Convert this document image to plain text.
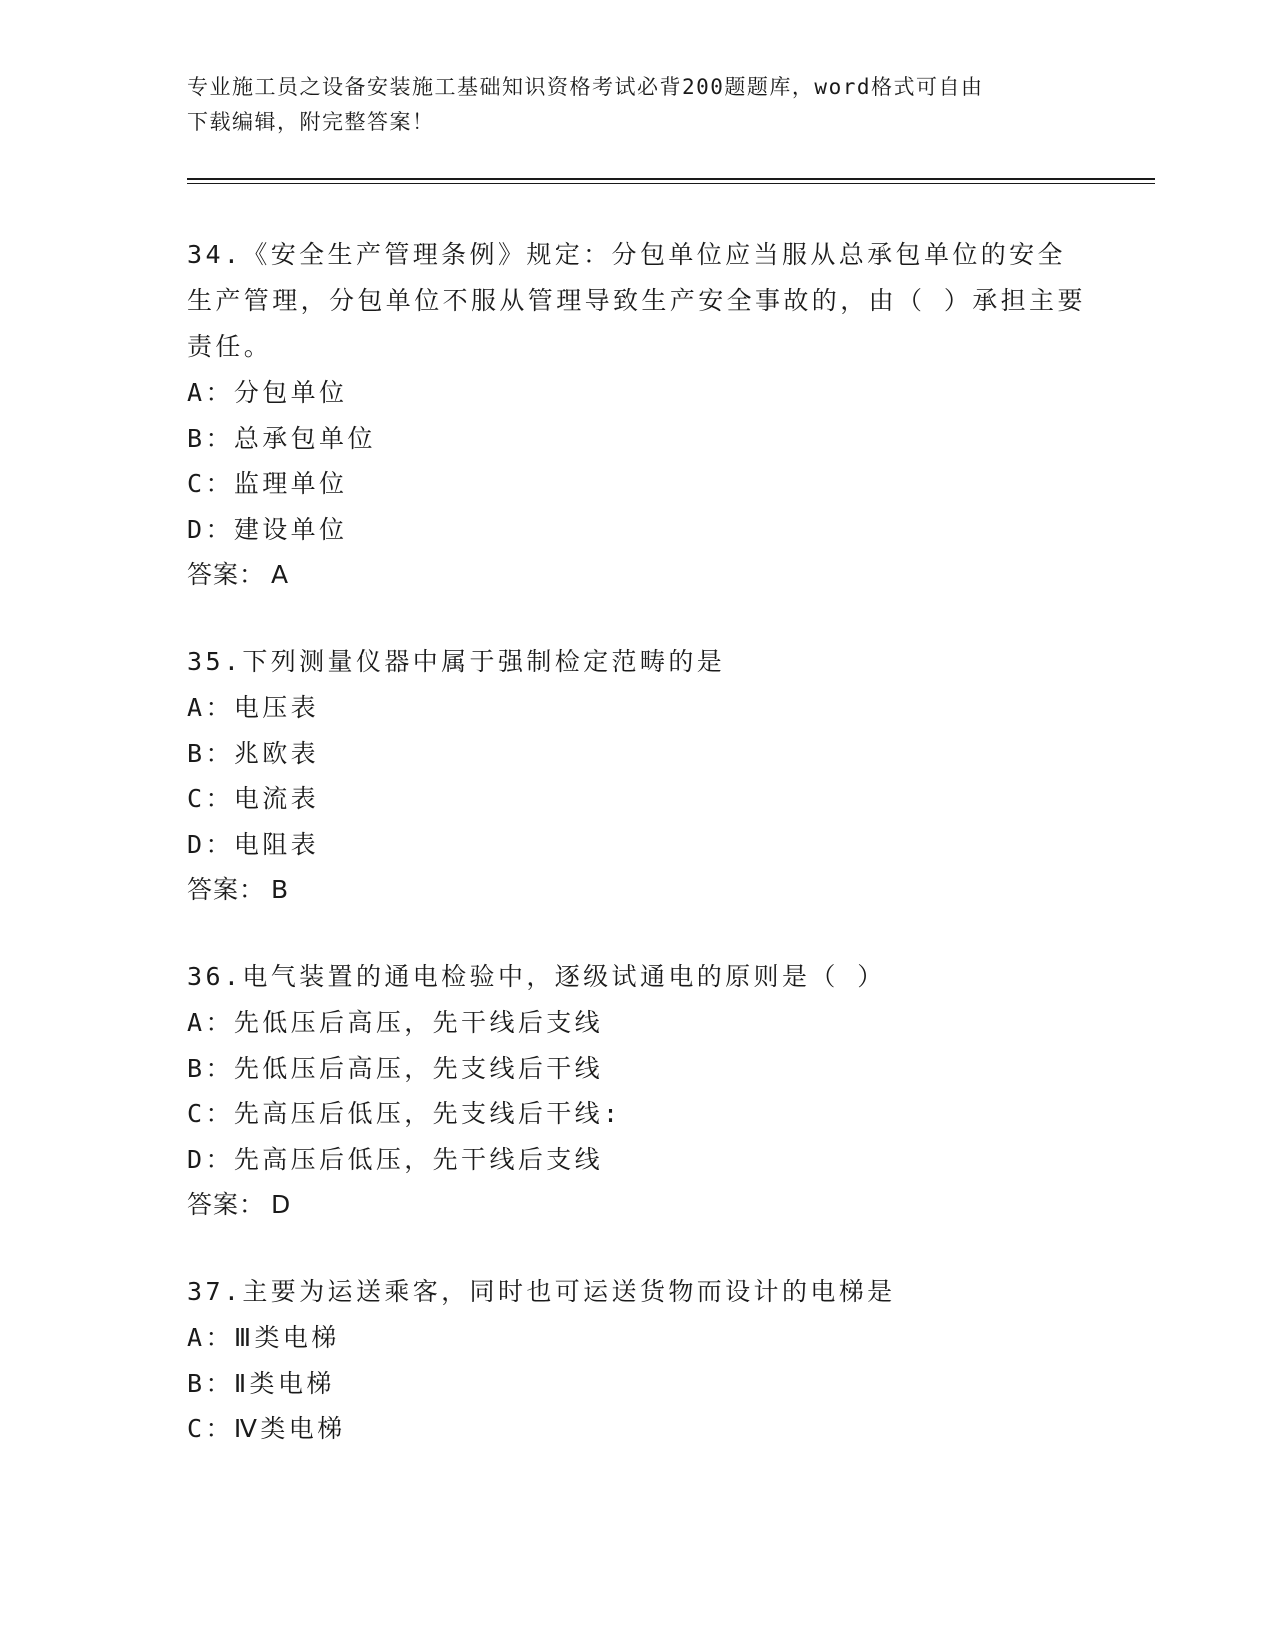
专业施工员之设备安装施工基础知识资格考试必背200题题库，word格式可自由
下载编辑，附完整答案！
34.《安全生产管理条例》规定：分包单位应当服从总承包单位的安全生产管理，分包单位不服从管理导致生产安全事故的，由（ ）承担主要责任。
A：分包单位
B：总承包单位
C：监理单位
D：建设单位
答案： A
35.下列测量仪器中属于强制检定范畴的是
A：电压表
B：兆欧表
C：电流表
D：电阻表
答案： B
36.电气装置的通电检验中，逐级试通电的原则是（ ）
A：先低压后高压，先干线后支线
B：先低压后高压，先支线后干线
C：先高压后低压，先支线后干线:
D：先高压后低压，先干线后支线
答案： D
37.主要为运送乘客，同时也可运送货物而设计的电梯是
A：Ⅲ类电梯
B：Ⅱ类电梯
C：Ⅳ类电梯
